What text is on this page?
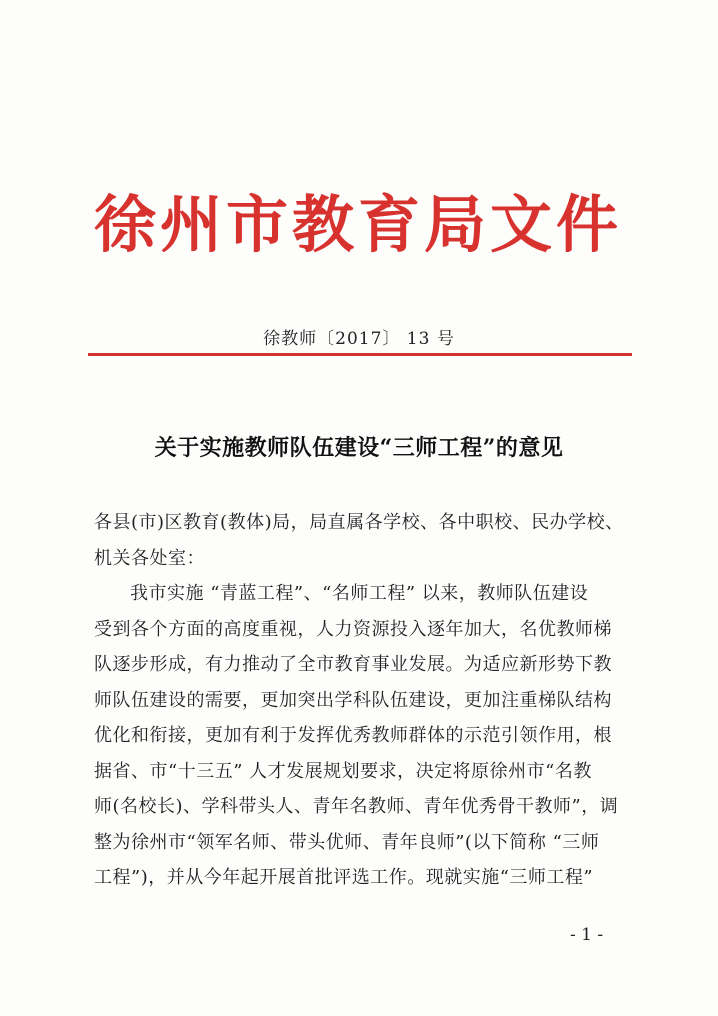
徐州市教育局文件
徐教师〔2017〕 13 号
关于实施教师队伍建设“三师工程”的意见
各县(市)区教育(教体)局，局直属各学校、各中职校、民办学校、
机关各处室：
我市实施 “青蓝工程”、“名师工程” 以来，教师队伍建设
受到各个方面的高度重视，人力资源投入逐年加大，名优教师梯
队逐步形成，有力推动了全市教育事业发展。为适应新形势下教
师队伍建设的需要，更加突出学科队伍建设，更加注重梯队结构
优化和衔接，更加有利于发挥优秀教师群体的示范引领作用，根
据省、市“十三五” 人才发展规划要求，决定将原徐州市“名教
师(名校长)、学科带头人、青年名教师、青年优秀骨干教师”，调
整为徐州市“领军名师、带头优师、青年良师”(以下简称 “三师
工程”)，并从今年起开展首批评选工作。现就实施“三师工程”
- 1 -
